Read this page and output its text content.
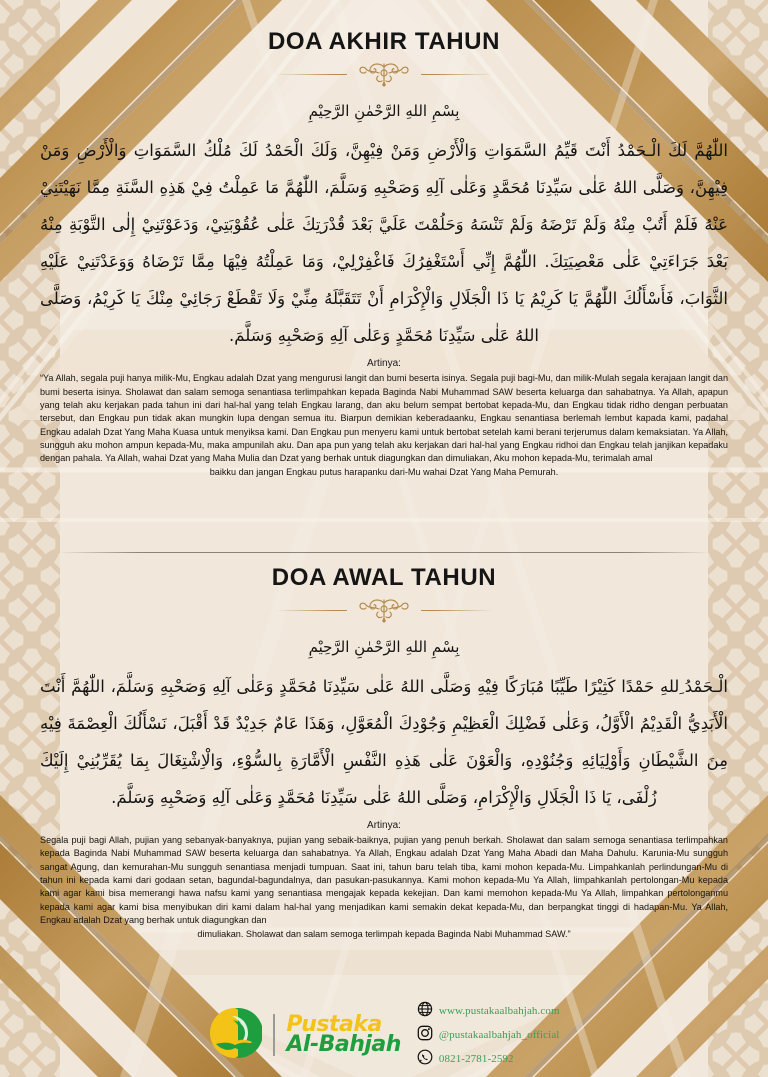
DOA AKHIR TAHUN
بِسْمِ اللهِ الرَّحْمٰنِ الرَّحِيْمِ
اللّٰهُمَّ لَكَ الْـحَمْدُ أَنْتَ قَيِّمُ السَّمَوَاتِ وَالْأَرْضِ وَمَنْ فِيْهِنَّ، وَلَكَ الْحَمْدُ لَكَ مُلْكُ السَّمَوَاتِ وَالْأَرْضِ وَمَنْ فِيْهِنَّ، وَصَلَّى اللهُ عَلٰى سَيِّدِنَا مُحَمَّدٍ وَعَلٰى آلِهِ وَصَحْبِهِ وَسَلَّمَ، اللّٰهُمَّ مَا عَمِلْتُ فِيْ هَذِهِ السَّنَةِ مِمَّا نَهَيْتَنِيْ عَنْهُ فَلَمْ أَتُبْ مِنْهُ وَلَمْ تَرْضَهُ وَلَمْ تَنْسَهُ وَحَلُمْتَ عَلَيَّ بَعْدَ قُدْرَتِكَ عَلٰى عُقُوْبَتِيْ، وَدَعَوْتَنِيْ إِلٰى التَّوْبَةِ مِنْهُ بَعْدَ جَرَاءَتِيْ عَلٰى مَعْصِيَتِكَ. اللّٰهُمَّ إِنِّي أَسْتَغْفِرُكَ فَاغْفِرْلِيْ، وَمَا عَمِلْتُهُ فِيْهَا مِمَّا تَرْضَاهُ وَوَعَدْتَنِيْ عَلَيْهِ الثَّوَابَ، فَأَسْأَلُكَ اللّٰهُمَّ يَا كَرِيْمُ يَا ذَا الْجَلَالِ وَالْإِكْرَامِ أَنْ تَتَقَبَّلَهُ مِنِّيْ وَلَا تَقْطَعْ رَجَائِيْ مِنْكَ يَا كَرِيْمُ، وَصَلَّى اللهُ عَلٰى سَيِّدِنَا مُحَمَّدٍ وَعَلٰى آلِهِ وَصَحْبِهِ وَسَلَّمَ.
Artinya:
“Ya Allah, segala puji hanya milik-Mu, Engkau adalah Dzat yang mengurusi langit dan bumi beserta isinya. Segala puji bagi-Mu, dan milik-Mulah segala kerajaan langit dan bumi beserta isinya. Sholawat dan salam semoga senantiasa terlimpahkan kepada Baginda Nabi Muhammad SAW beserta keluarga dan sahabatnya. Ya Allah, apapun yang telah aku kerjakan pada tahun ini dari hal-hal yang telah Engkau larang, dan aku belum sempat bertobat kepada-Mu, dan Engkau tidak ridho dengan perbuatan tersebut, dan Engkau pun tidak akan mungkin lupa dengan semua itu. Biarpun demikian keberadaanku, Engkau senantiasa berlemah lembut kapada kami, padahal Engkau adalah Dzat Yang Maha Kuasa untuk menyiksa kami. Dan Engkau pun menyeru kami untuk bertobat setelah kami berani terjerumus dalam kemaksiatan. Ya Allah, sungguh aku mohon ampun kepada-Mu, maka ampunilah aku. Dan apa pun yang telah aku kerjakan dari hal-hal yang Engkau ridhoi dan Engkau telah janjikan kepadaku dengan pahala. Ya Allah, wahai Dzat yang Maha Mulia dan Dzat yang berhak untuk diagungkan dan dimuliakan, Aku mohon kepada-Mu, terimalah amal
baikku dan jangan Engkau putus harapanku dari-Mu wahai Dzat Yang Maha Pemurah.
DOA AWAL TAHUN
بِسْمِ اللهِ الرَّحْمٰنِ الرَّحِيْمِ
الْـحَمْدُ ِللهِ حَمْدًا كَثِيْرًا طَيِّبًا مُبَارَكًا فِيْهِ وَصَلَّى اللهُ عَلٰى سَيِّدِنَا مُحَمَّدٍ وَعَلٰى آلِهِ وَصَحْبِهِ وَسَلَّمَ، اللّٰهُمَّ أَنْتَ الْأَبَدِيُّ الْقَدِيْمُ الْأَوَّلُ، وَعَلٰى فَضْلِكَ الْعَظِيْمِ وَجُوْدِكَ الْمُعَوَّلِ، وَهَذَا عَامٌ جَدِيْدٌ قَدْ أَقْبَلَ، نَسْأَلُكَ الْعِصْمَةَ فِيْهِ مِنَ الشَّيْطَانِ وَأَوْلِيَائِهِ وَجُنُوْدِهِ، وَالْعَوْنَ عَلٰى هَذِهِ النَّفْسِ الْأَمَّارَةِ بِالسُّوْءِ، وَالْاِشْتِغَالَ بِمَا يُقَرِّبُنِيْ إِلَيْكَ زُلْفَى، يَا ذَا الْجَلَالِ وَالْإِكْرَامِ، وَصَلَّى اللهُ عَلٰى سَيِّدِنَا مُحَمَّدٍ وَعَلٰى آلِهِ وَصَحْبِهِ وَسَلَّمَ.
Artinya:
Segala puji bagi Allah, pujian yang sebanyak-banyaknya, pujian yang sebaik-baiknya, pujian yang penuh berkah. Sholawat dan salam semoga senantiasa terlimpahkan kepada Baginda Nabi Muhammad SAW beserta keluarga dan sahabatnya. Ya Allah, Engkau adalah Dzat Yang Maha Abadi dan Maha Dahulu. Karunia-Mu sungguh sangat Agung, dan kemurahan-Mu sungguh senantiasa menjadi tumpuan. Saat ini, tahun baru telah tiba, kami mohon kepada-Mu. Limpahkanlah perlindungan-Mu di tahun ini kepada kami dari godaan setan, bagundal-bagundalnya, dan pasukan-pasukannya. Kami mohon kepada-Mu Ya Allah, limpahkanlah pertolongan-Mu kepada kami agar kami bisa memerangi hawa nafsu kami yang senantiasa mengajak kepada kekejian. Dan kami memohon kepada-Mu Ya Allah, limpahkan pertolonganmu kepada kami agar kami bisa menyibukan diri kami dalam hal-hal yang menjadikan kami semakin dekat kepada-Mu, dan berpangkat tinggi di hadapan-Mu. Ya Allah, Engkau adalah Dzat yang berhak untuk diagungkan dan
dimuliakan. Sholawat dan salam semoga terlimpah kepada Baginda Nabi Muhammad SAW.”
Pustaka
Al-Bahjah
www.pustakaalbahjah.com
@pustakaalbahjah_official
0821-2781-2592
